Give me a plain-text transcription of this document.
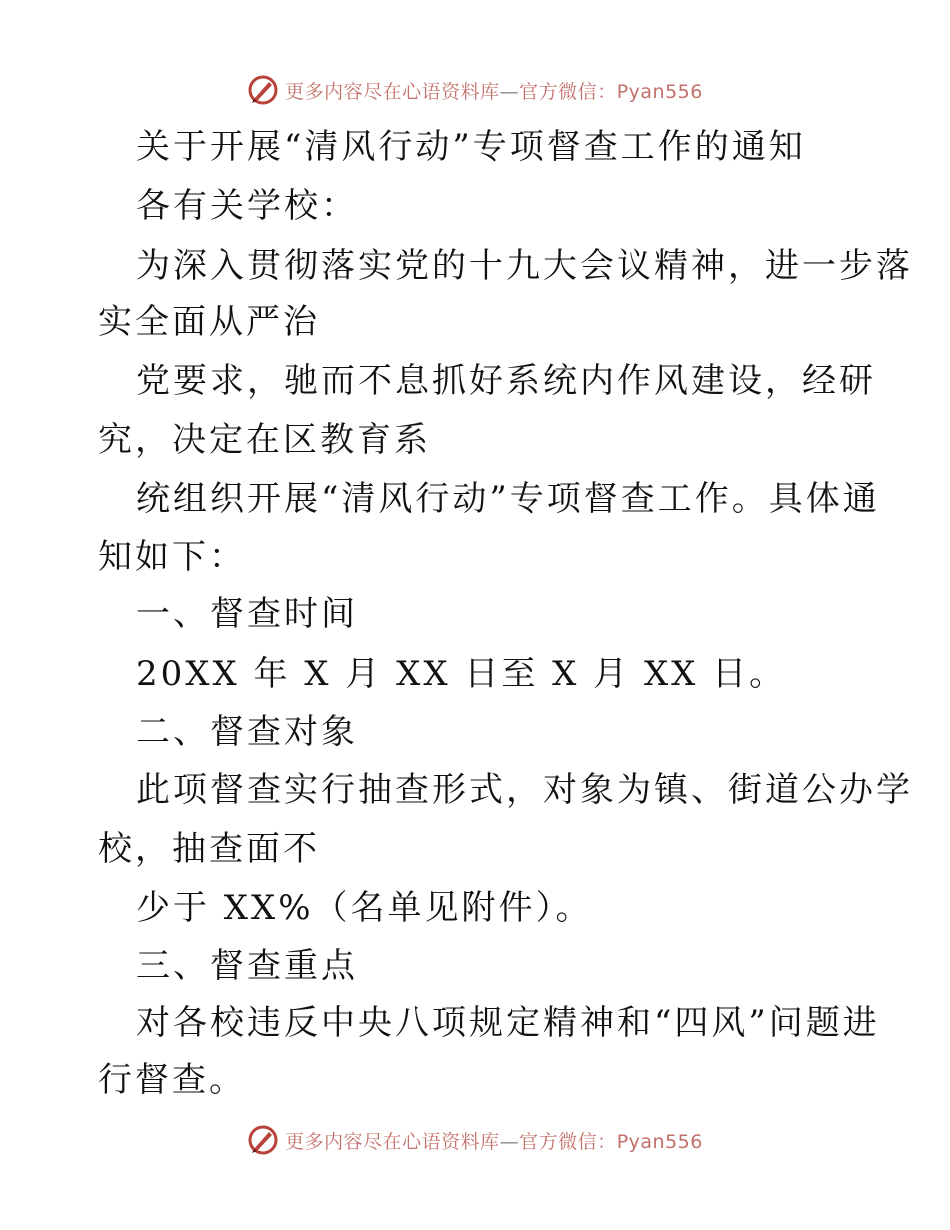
更多内容尽在心语资料库—官方微信：Pyan556
关于开展“清风行动”专项督查工作的通知
各有关学校：
为深入贯彻落实党的十九大会议精神，进一步落
实全面从严治
党要求，驰而不息抓好系统内作风建设，经研
究，决定在区教育系
统组织开展“清风行动”专项督查工作。具体通
知如下：
一、督查时间
20XX 年 X 月 XX 日至 X 月 XX 日。
二、督查对象
此项督查实行抽查形式，对象为镇、街道公办学
校，抽查面不
少于 XX%（名单见附件）。
三、督查重点
对各校违反中央八项规定精神和“四风”问题进
行督查。
更多内容尽在心语资料库—官方微信：Pyan556
